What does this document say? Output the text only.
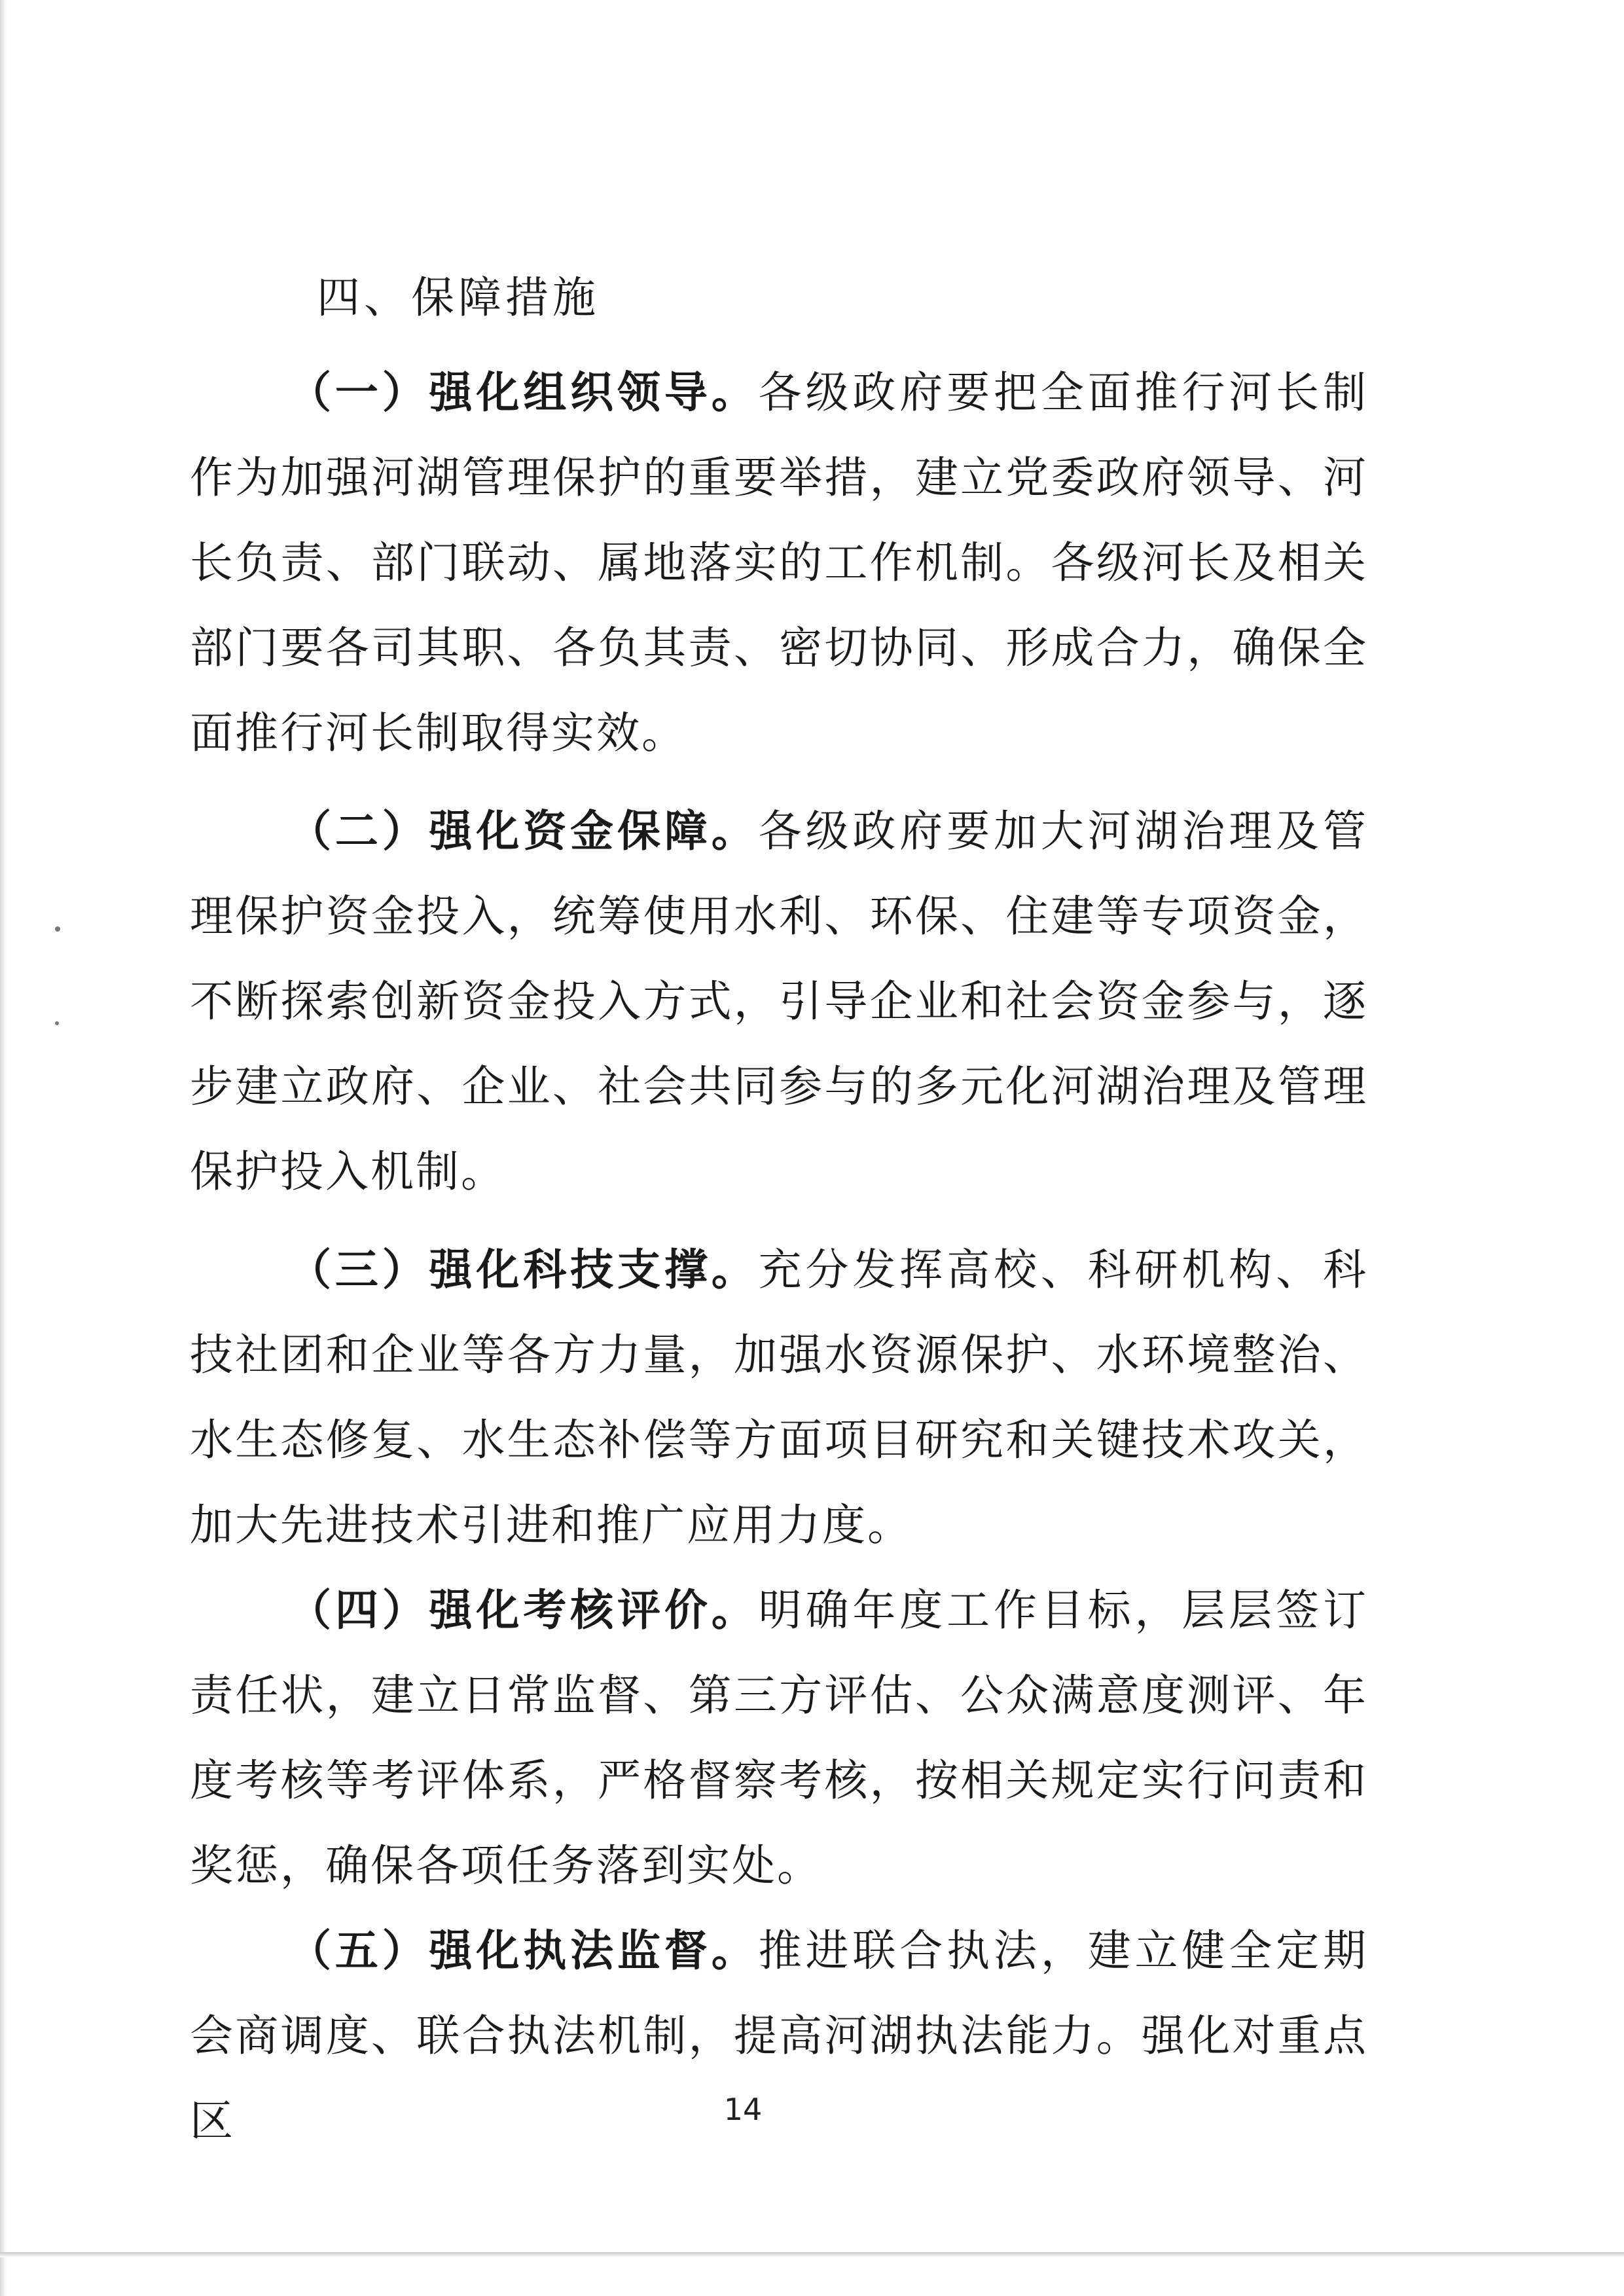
四、保障措施

（一）强化组织领导。各级政府要把全面推行河长制作为加强河湖管理保护的重要举措，建立党委政府领导、河长负责、部门联动、属地落实的工作机制。各级河长及相关部门要各司其职、各负其责、密切协同、形成合力，确保全面推行河长制取得实效。

（二）强化资金保障。各级政府要加大河湖治理及管理保护资金投入，统筹使用水利、环保、住建等专项资金，不断探索创新资金投入方式，引导企业和社会资金参与，逐步建立政府、企业、社会共同参与的多元化河湖治理及管理保护投入机制。

（三）强化科技支撑。充分发挥高校、科研机构、科技社团和企业等各方力量，加强水资源保护、水环境整治、水生态修复、水生态补偿等方面项目研究和关键技术攻关，加大先进技术引进和推广应用力度。

（四）强化考核评价。明确年度工作目标，层层签订责任状，建立日常监督、第三方评估、公众满意度测评、年度考核等考评体系，严格督察考核，按相关规定实行问责和奖惩，确保各项任务落到实处。

（五）强化执法监督。推进联合执法，建立健全定期会商调度、联合执法机制，提高河湖执法能力。强化对重点区	14
